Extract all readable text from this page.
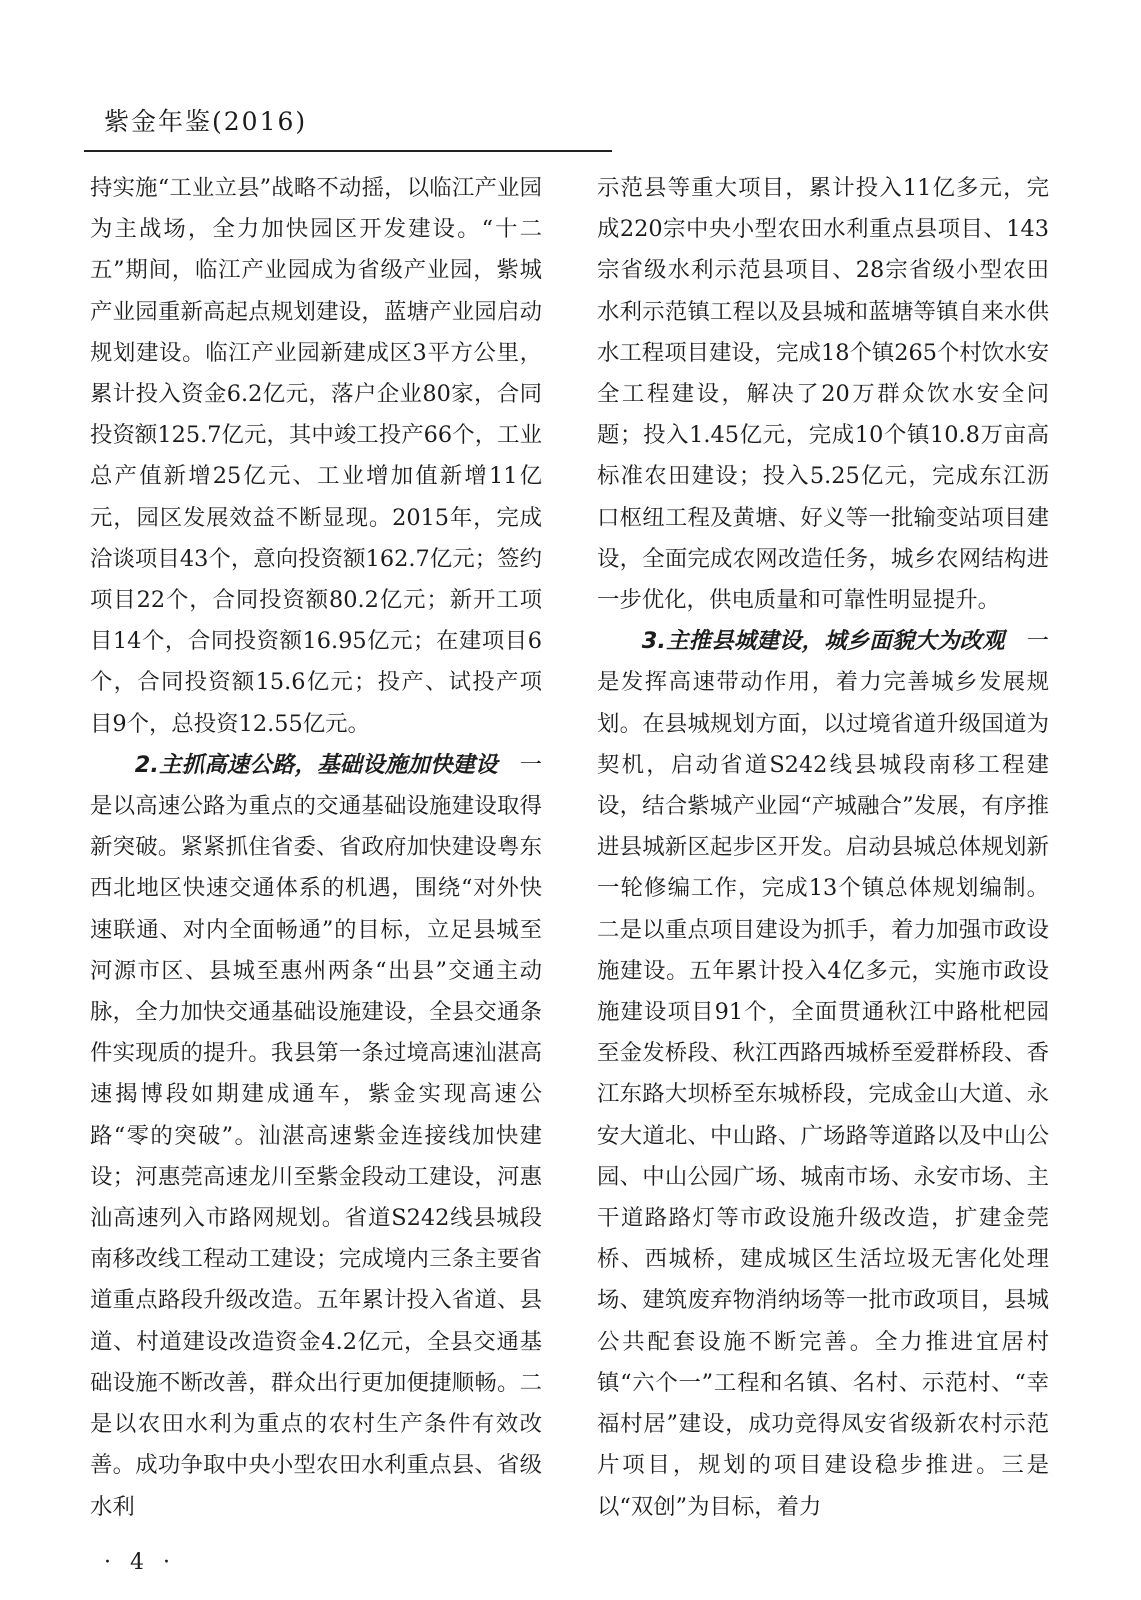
紫金年鉴(2016)

持实施“工业立县”战略不动摇，以临江产业园为主战场，全力加快园区开发建设。“十二五”期间，临江产业园成为省级产业园，紫城产业园重新高起点规划建设，蓝塘产业园启动规划建设。临江产业园新建成区3平方公里，累计投入资金6.2亿元，落户企业80家，合同投资额125.7亿元，其中竣工投产66个，工业总产值新增25亿元、工业增加值新增11亿元，园区发展效益不断显现。2015年，完成洽谈项目43个，意向投资额162.7亿元；签约项目22个，合同投资额80.2亿元；新开工项目14个，合同投资额16.95亿元；在建项目6个，合同投资额15.6亿元；投产、试投产项目9个，总投资12.55亿元。

2.主抓高速公路，基础设施加快建设 一是以高速公路为重点的交通基础设施建设取得新突破。紧紧抓住省委、省政府加快建设粤东西北地区快速交通体系的机遇，围绕“对外快速联通、对内全面畅通”的目标，立足县城至河源市区、县城至惠州两条“出县”交通主动脉，全力加快交通基础设施建设，全县交通条件实现质的提升。我县第一条过境高速汕湛高速揭博段如期建成通车，紫金实现高速公路“零的突破”。汕湛高速紫金连接线加快建设；河惠莞高速龙川至紫金段动工建设，河惠汕高速列入市路网规划。省道S242线县城段南移改线工程动工建设；完成境内三条主要省道重点路段升级改造。五年累计投入省道、县道、村道建设改造资金4.2亿元，全县交通基础设施不断改善，群众出行更加便捷顺畅。二是以农田水利为重点的农村生产条件有效改善。成功争取中央小型农田水利重点县、省级水利

示范县等重大项目，累计投入11亿多元，完成220宗中央小型农田水利重点县项目、143宗省级水利示范县项目、28宗省级小型农田水利示范镇工程以及县城和蓝塘等镇自来水供水工程项目建设，完成18个镇265个村饮水安全工程建设，解决了20万群众饮水安全问题；投入1.45亿元，完成10个镇10.8万亩高标准农田建设；投入5.25亿元，完成东江沥口枢纽工程及黄塘、好义等一批输变站项目建设，全面完成农网改造任务，城乡农网结构进一步优化，供电质量和可靠性明显提升。

3.主推县城建设，城乡面貌大为改观 一是发挥高速带动作用，着力完善城乡发展规划。在县城规划方面，以过境省道升级国道为契机，启动省道S242线县城段南移工程建设，结合紫城产业园“产城融合”发展，有序推进县城新区起步区开发。启动县城总体规划新一轮修编工作，完成13个镇总体规划编制。二是以重点项目建设为抓手，着力加强市政设施建设。五年累计投入4亿多元，实施市政设施建设项目91个，全面贯通秋江中路枇杷园至金发桥段、秋江西路西城桥至爱群桥段、香江东路大坝桥至东城桥段，完成金山大道、永安大道北、中山路、广场路等道路以及中山公园、中山公园广场、城南市场、永安市场、主干道路路灯等市政设施升级改造，扩建金莞桥、西城桥，建成城区生活垃圾无害化处理场、建筑废弃物消纳场等一批市政项目，县城公共配套设施不断完善。全力推进宜居村镇“六个一”工程和名镇、名村、示范村、“幸福村居”建设，成功竞得凤安省级新农村示范片项目，规划的项目建设稳步推进。三是以“双创”为目标，着力

· 4 ·
